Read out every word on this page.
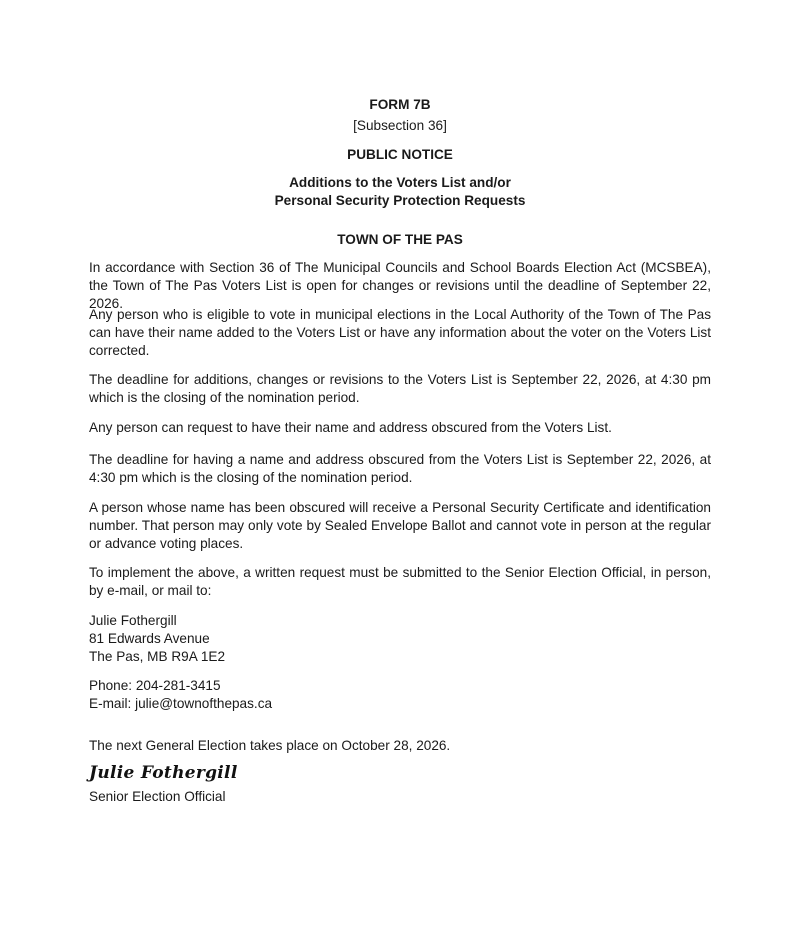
FORM 7B
[Subsection 36]
PUBLIC NOTICE
Additions to the Voters List and/or
Personal Security Protection Requests
TOWN OF THE PAS

In accordance with Section 36 of The Municipal Councils and School Boards Election Act (MCSBEA), the Town of The Pas Voters List is open for changes or revisions until the deadline of September 22, 2026.

Any person who is eligible to vote in municipal elections in the Local Authority of the Town of The Pas can have their name added to the Voters List or have any information about the voter on the Voters List corrected.

The deadline for additions, changes or revisions to the Voters List is September 22, 2026, at 4:30 pm which is the closing of the nomination period.

Any person can request to have their name and address obscured from the Voters List.

The deadline for having a name and address obscured from the Voters List is September 22, 2026, at 4:30 pm which is the closing of the nomination period.

A person whose name has been obscured will receive a Personal Security Certificate and identification number. That person may only vote by Sealed Envelope Ballot and cannot vote in person at the regular or advance voting places.

To implement the above, a written request must be submitted to the Senior Election Official, in person, by e-mail, or mail to:

Julie Fothergill
81 Edwards Avenue
The Pas, MB R9A 1E2
Phone: 204-281-3415
E-mail: julie@townofthepas.ca
The next General Election takes place on October 28, 2026.
Julie Fothergill
Senior Election Official
